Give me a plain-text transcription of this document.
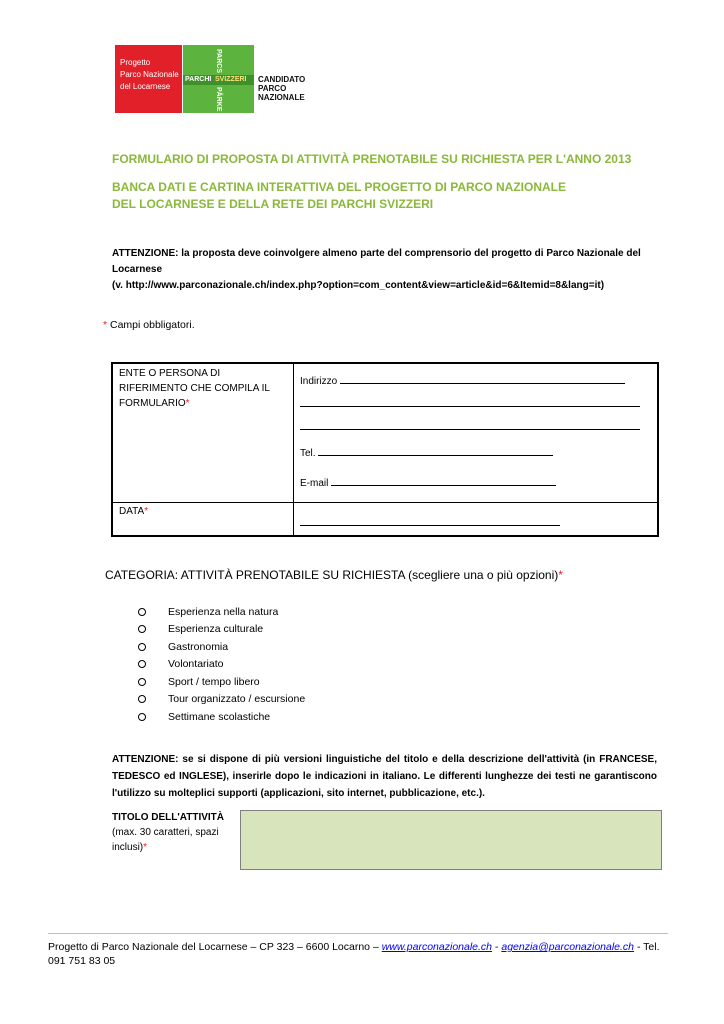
Progetto
Parco Nazionale
del Locarnese
PARCHI SVIZZERI
PARCS
PÄRKE
CANDIDATO
PARCO
NAZIONALE
FORMULARIO DI PROPOSTA DI ATTIVITÀ PRENOTABILE SU RICHIESTA PER L'ANNO 2013
BANCA DATI E CARTINA INTERATTIVA DEL PROGETTO DI PARCO NAZIONALE
DEL LOCARNESE E DELLA RETE DEI PARCHI SVIZZERI
ATTENZIONE: la proposta deve coinvolgere almeno parte del comprensorio del progetto di Parco Nazionale del Locarnese
(v. http://www.parconazionale.ch/index.php?option=com_content&view=article&id=6&Itemid=8&lang=it)
* Campi obbligatori.
ENTE O PERSONA DI RIFERIMENTO CHE COMPILA IL FORMULARIO*
Indirizzo
Tel.
E-mail
DATA*
CATEGORIA: ATTIVITÀ PRENOTABILE SU RICHIESTA (scegliere una o più opzioni)*
Esperienza nella natura
Esperienza culturale
Gastronomia
Volontariato
Sport / tempo libero
Tour organizzato / escursione
Settimane scolastiche
ATTENZIONE: se si dispone di più versioni linguistiche del titolo e della descrizione dell'attività (in FRANCESE, TEDESCO ed INGLESE), inserirle dopo le indicazioni in italiano. Le differenti lunghezze dei testi ne garantiscono l'utilizzo su molteplici supporti (applicazioni, sito internet, pubblicazione, etc.).
TITOLO DELL'ATTIVITÀ
(max. 30 caratteri, spazi inclusi)*
Progetto di Parco Nazionale del Locarnese – CP 323 – 6600 Locarno – www.parconazionale.ch - agenzia@parconazionale.ch - Tel. 091 751 83 05
